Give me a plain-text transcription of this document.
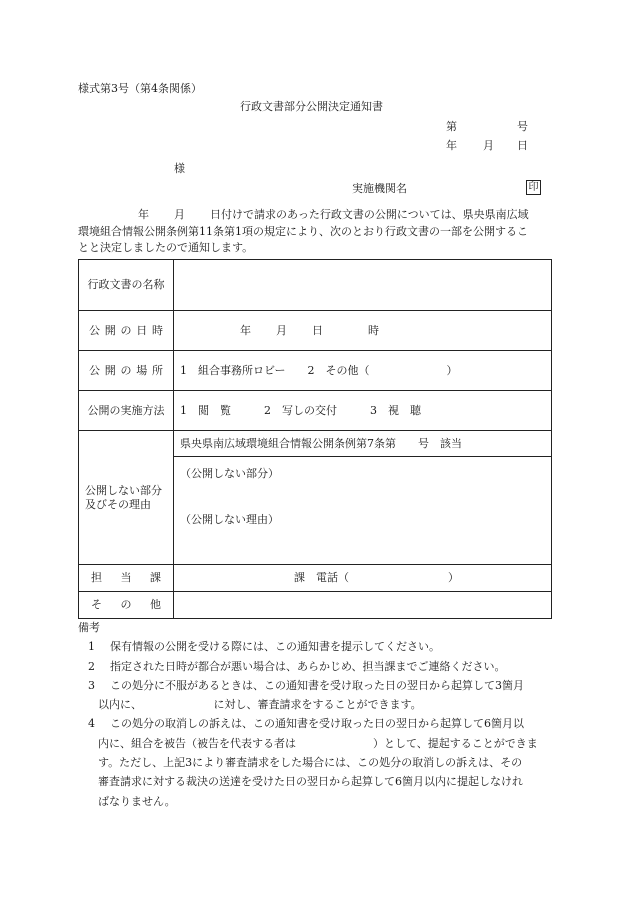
様式第3号（第4条関係）
行政文書部分公開決定通知書
第	号
年 月 日
様
実施機関名	印
年 月 日付けで請求のあった行政文書の公開については、県央県南広域
環境組合情報公開条例第11条第1項の規定により、次のとおり行政文書の一部を公開するこ
とと決定しましたので通知します。
行政文書の名称	

公 開 の 日 時	年 月 日 時

公 開 の 場 所	1　組合事務所ロビー　　2　その他（　　　　　　　）
公開の実施方法	1　閲　覧　　　2　写しの交付　　　3　視　聴

公開しない部分
及びその理由	県央県南広域環境組合情報公開条例第7条第　　号　該当

	（公開しない部分）
（公開しない理由）

担 当 課	課　電話（　　　　　　　　　）

そ の 他	

備考
1	保有情報の公開を受ける際には、この通知書を提示してください。
2	指定された日時が都合が悪い場合は、あらかじめ、担当課までご連絡ください。
3	この処分に不服があるときは、この通知書を受け取った日の翌日から起算して3箇月
以内に、　　　　　　　に対し、審査請求をすることができます。
4	この処分の取消しの訴えは、この通知書を受け取った日の翌日から起算して6箇月以
内に、組合を被告（被告を代表する者は　　　　　　　）として、提起することができま
す。ただし、上記3により審査請求をした場合には、この処分の取消しの訴えは、その
審査請求に対する裁決の送達を受けた日の翌日から起算して6箇月以内に提起しなけれ
ばなりません。
